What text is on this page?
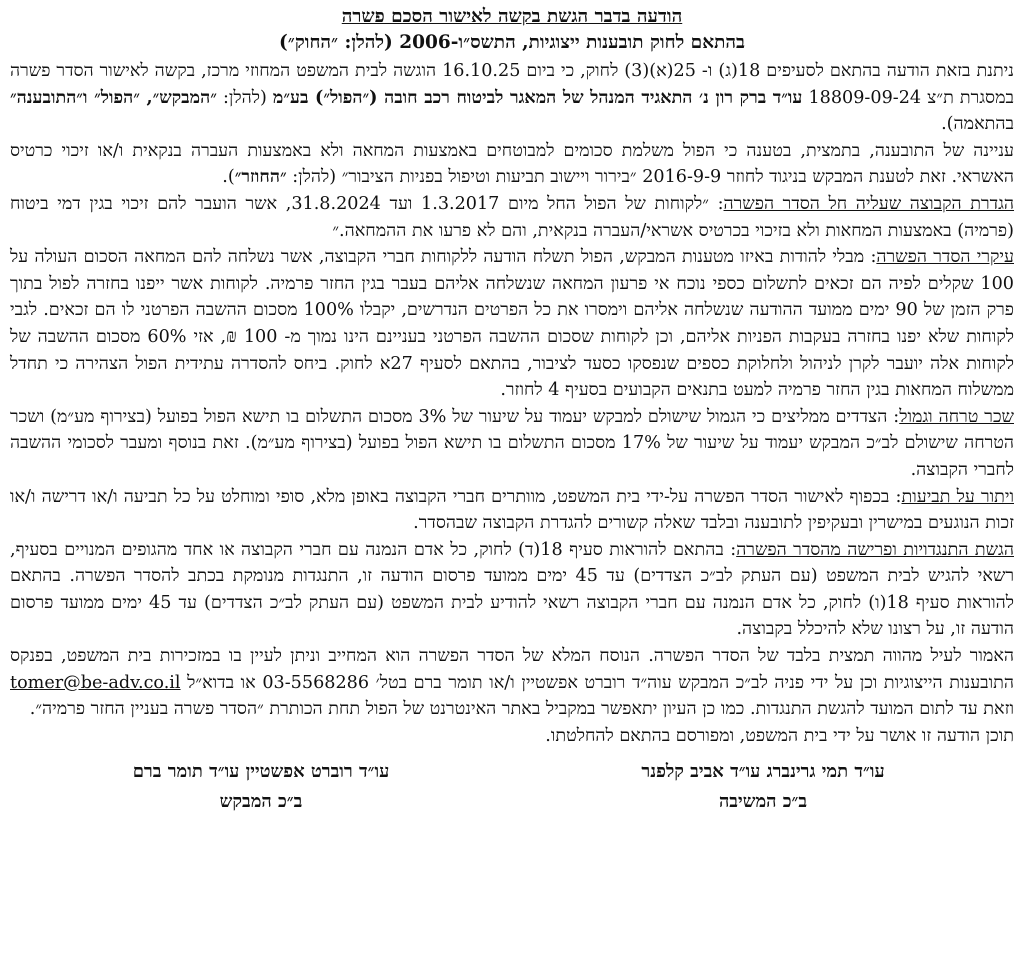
הודעה בדבר הגשת בקשה לאישור הסכם פשרה
בהתאם לחוק תובענות ייצוגיות, התשס״ו-2006 (להלן: ״החוק״)

ניתנת בזאת הודעה בהתאם לסעיפים 18(ג) ו- 25(א)(3) לחוק, כי ביום 16.10.25 הוגשה לבית המשפט המחוזי מרכז, בקשה לאישור הסדר פשרה במסגרת ת״צ 18809-09-24 עו״ד ברק רון נ׳ התאגיד המנהל של המאגר לביטוח רכב חובה (״הפול״) בע״מ (להלן: ״המבקש״, ״הפול״ ו״התובענה״ בהתאמה).

עניינה של התובענה, בתמצית, בטענה כי הפול משלמת סכומים למבוטחים באמצעות המחאה ולא באמצעות העברה בנקאית ו/או זיכוי כרטיס האשראי. זאת לטענת המבקש בניגוד לחוזר 2016-9-9 ״בירור ויישוב תביעות וטיפול בפניות הציבור״ (להלן: ״החוזר״).

הגדרת הקבוצה שעליה חל הסדר הפשרה: ״לקוחות של הפול החל מיום 1.3.2017 ועד 31.8.2024, אשר הועבר להם זיכוי בגין דמי ביטוח (פרמיה) באמצעות המחאות ולא בזיכוי בכרטיס אשראי/העברה בנקאית, והם לא פרעו את ההמחאה.״

עיקרי הסדר הפשרה: מבלי להודות באיזו מטענות המבקש, הפול תשלח הודעה ללקוחות חברי הקבוצה, אשר נשלחה להם המחאה הסכום העולה על 100 שקלים לפיה הם זכאים לתשלום כספי נוכח אי פרעון המחאה שנשלחה אליהם בעבר בגין החזר פרמיה. לקוחות אשר ייפנו בחזרה לפול בתוך פרק הזמן של 90 ימים ממועד ההודעה שנשלחה אליהם וימסרו את כל הפרטים הנדרשים, יקבלו 100% מסכום ההשבה הפרטני לו הם זכאים. לגבי לקוחות שלא יפנו בחזרה בעקבות הפניות אליהם, וכן לקוחות שסכום ההשבה הפרטני בעניינם הינו נמוך מ- 100 ₪, אזי 60% מסכום ההשבה של לקוחות אלה יועבר לקרן לניהול ולחלוקת כספים שנפסקו כסעד לציבור, בהתאם לסעיף 27א לחוק. ביחס להסדרה עתידית הפול הצהירה כי תחדל ממשלוח המחאות בגין החזר פרמיה למעט בתנאים הקבועים בסעיף 4 לחוזר.

שכר טרחה וגמול: הצדדים ממליצים כי הגמול שישולם למבקש יעמוד על שיעור של 3% מסכום התשלום בו תישא הפול בפועל (בצירוף מע״מ) ושכר הטרחה שישולם לב״כ המבקש יעמוד על שיעור של 17% מסכום התשלום בו תישא הפול בפועל (בצירוף מע״מ). זאת בנוסף ומעבר לסכומי ההשבה לחברי הקבוצה.

ויתור על תביעות: בכפוף לאישור הסדר הפשרה על-ידי בית המשפט, מוותרים חברי הקבוצה באופן מלא, סופי ומוחלט על כל תביעה ו/או דרישה ו/או זכות הנוגעים במישרין ובעקיפין לתובענה ובלבד שאלה קשורים להגדרת הקבוצה שבהסדר.

הגשת התנגדויות ופרישה מהסדר הפשרה: בהתאם להוראות סעיף 18(ד) לחוק, כל אדם הנמנה עם חברי הקבוצה או אחד מהגופים המנויים בסעיף, רשאי להגיש לבית המשפט (עם העתק לב״כ הצדדים) עד 45 ימים ממועד פרסום הודעה זו, התנגדות מנומקת בכתב להסדר הפשרה. בהתאם להוראות סעיף 18(ו) לחוק, כל אדם הנמנה עם חברי הקבוצה רשאי להודיע לבית המשפט (עם העתק לב״כ הצדדים) עד 45 ימים ממועד פרסום הודעה זו, על רצונו שלא להיכלל בקבוצה.

האמור לעיל מהווה תמצית בלבד של הסדר הפשרה. הנוסח המלא של הסדר הפשרה הוא המחייב וניתן לעיין בו במזכירות בית המשפט, בפנקס התובענות הייצוגיות וכן על ידי פניה לב״כ המבקש עוה״ד רוברט אפשטיין ו/או תומר ברם בטל׳ 03-5568286 או בדוא״ל tomer@be-adv.co.il וזאת עד לתום המועד להגשת התנגדות. כמו כן העיון יתאפשר במקביל באתר האינטרנט של הפול תחת הכותרת ״הסדר פשרה בעניין החזר פרמיה״.

תוכן הודעה זו אושר על ידי בית המשפט, ומפורסם בהתאם להחלטתו.

עו״ד תמי גרינברג עו״ד אביב קלפנר
ב״כ המשיבה
עו״ד רוברט אפשטיין עו״ד תומר ברם
ב״כ המבקש
